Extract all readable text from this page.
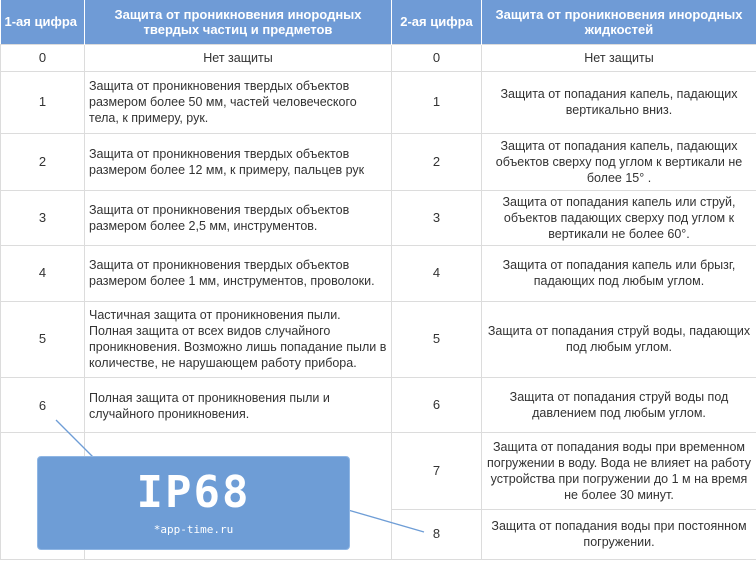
1-ая цифра	Защита от проникновения инородных твердых частиц и предметов	2-ая цифра	Защита от проникновения инородных жидкостей
0	Нет защиты	0	Нет защиты
1	Защита от проникновения твердых объектов размером более 50 мм, частей человеческого тела, к примеру, рук.	1	Защита от попадания капель, падающих вертикально вниз.
2	Защита от проникновения твердых объектов размером более 12 мм, к примеру, пальцев рук	2	Защита от попадания капель, падающих объектов сверху под углом к вертикали не более 15° .
3	Защита от проникновения твердых объектов размером более 2,5 мм, инструментов.	3	Защита от попадания капель или струй, объектов падающих сверху под углом к вертикали не более 60°.
4	Защита от проникновения твердых объектов размером более 1 мм, инструментов, проволоки.	4	Защита от попадания капель или брызг, падающих под любым углом.
5	Частичная защита от проникновения пыли. Полная защита от всех видов случайного проникновения. Возможно лишь попадание пыли в количестве, не нарушающем работу прибора.	5	Защита от попадания струй воды, падающих под любым углом.
6	Полная защита от проникновения пыли и случайного проникновения.	6	Защита от попадания струй воды под давлением под любым углом.
		7	Защита от попадания воды при временном погружении в воду. Вода не влияет на работу устройства при погружении до 1 м на время не более 30 минут.
		8	Защита от попадания воды при постоянном погружении.
IP68
*app-time.ru
